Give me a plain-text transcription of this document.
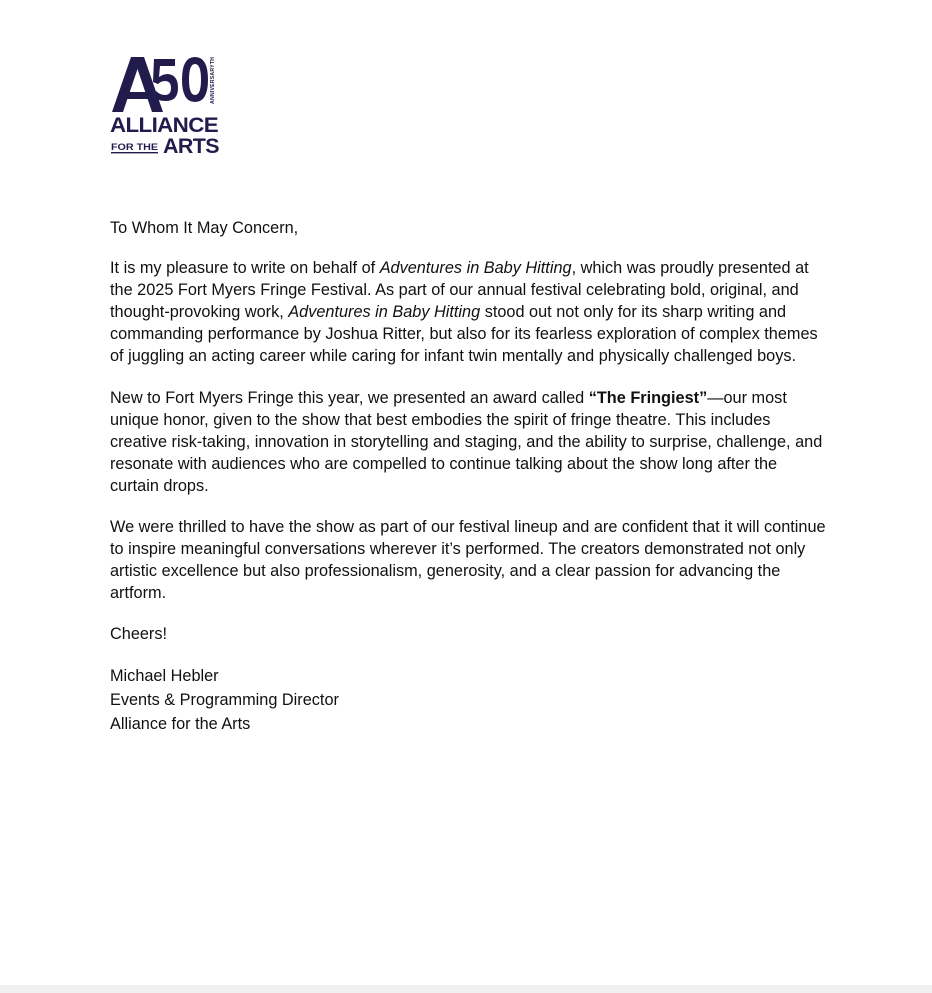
ANNIVERSARY
TH
ALLIANCE
FOR THE ARTS

To Whom It May Concern,

It is my pleasure to write on behalf of Adventures in Baby Hitting, which was proudly presented at the 2025 Fort Myers Fringe Festival. As part of our annual festival celebrating bold, original, and thought-provoking work, Adventures in Baby Hitting stood out not only for its sharp writing and commanding performance by Joshua Ritter, but also for its fearless exploration of complex themes of juggling an acting career while caring for infant twin mentally and physically challenged boys.

New to Fort Myers Fringe this year, we presented an award called “The Fringiest”—our most unique honor, given to the show that best embodies the spirit of fringe theatre. This includes creative risk-taking, innovation in storytelling and staging, and the ability to surprise, challenge, and resonate with audiences who are compelled to continue talking about the show long after the curtain drops.

We were thrilled to have the show as part of our festival lineup and are confident that it will continue to inspire meaningful conversations wherever it’s performed. The creators demonstrated not only artistic excellence but also professionalism, generosity, and a clear passion for advancing the artform.

Cheers!

Michael Hebler
Events & Programming Director
Alliance for the Arts
